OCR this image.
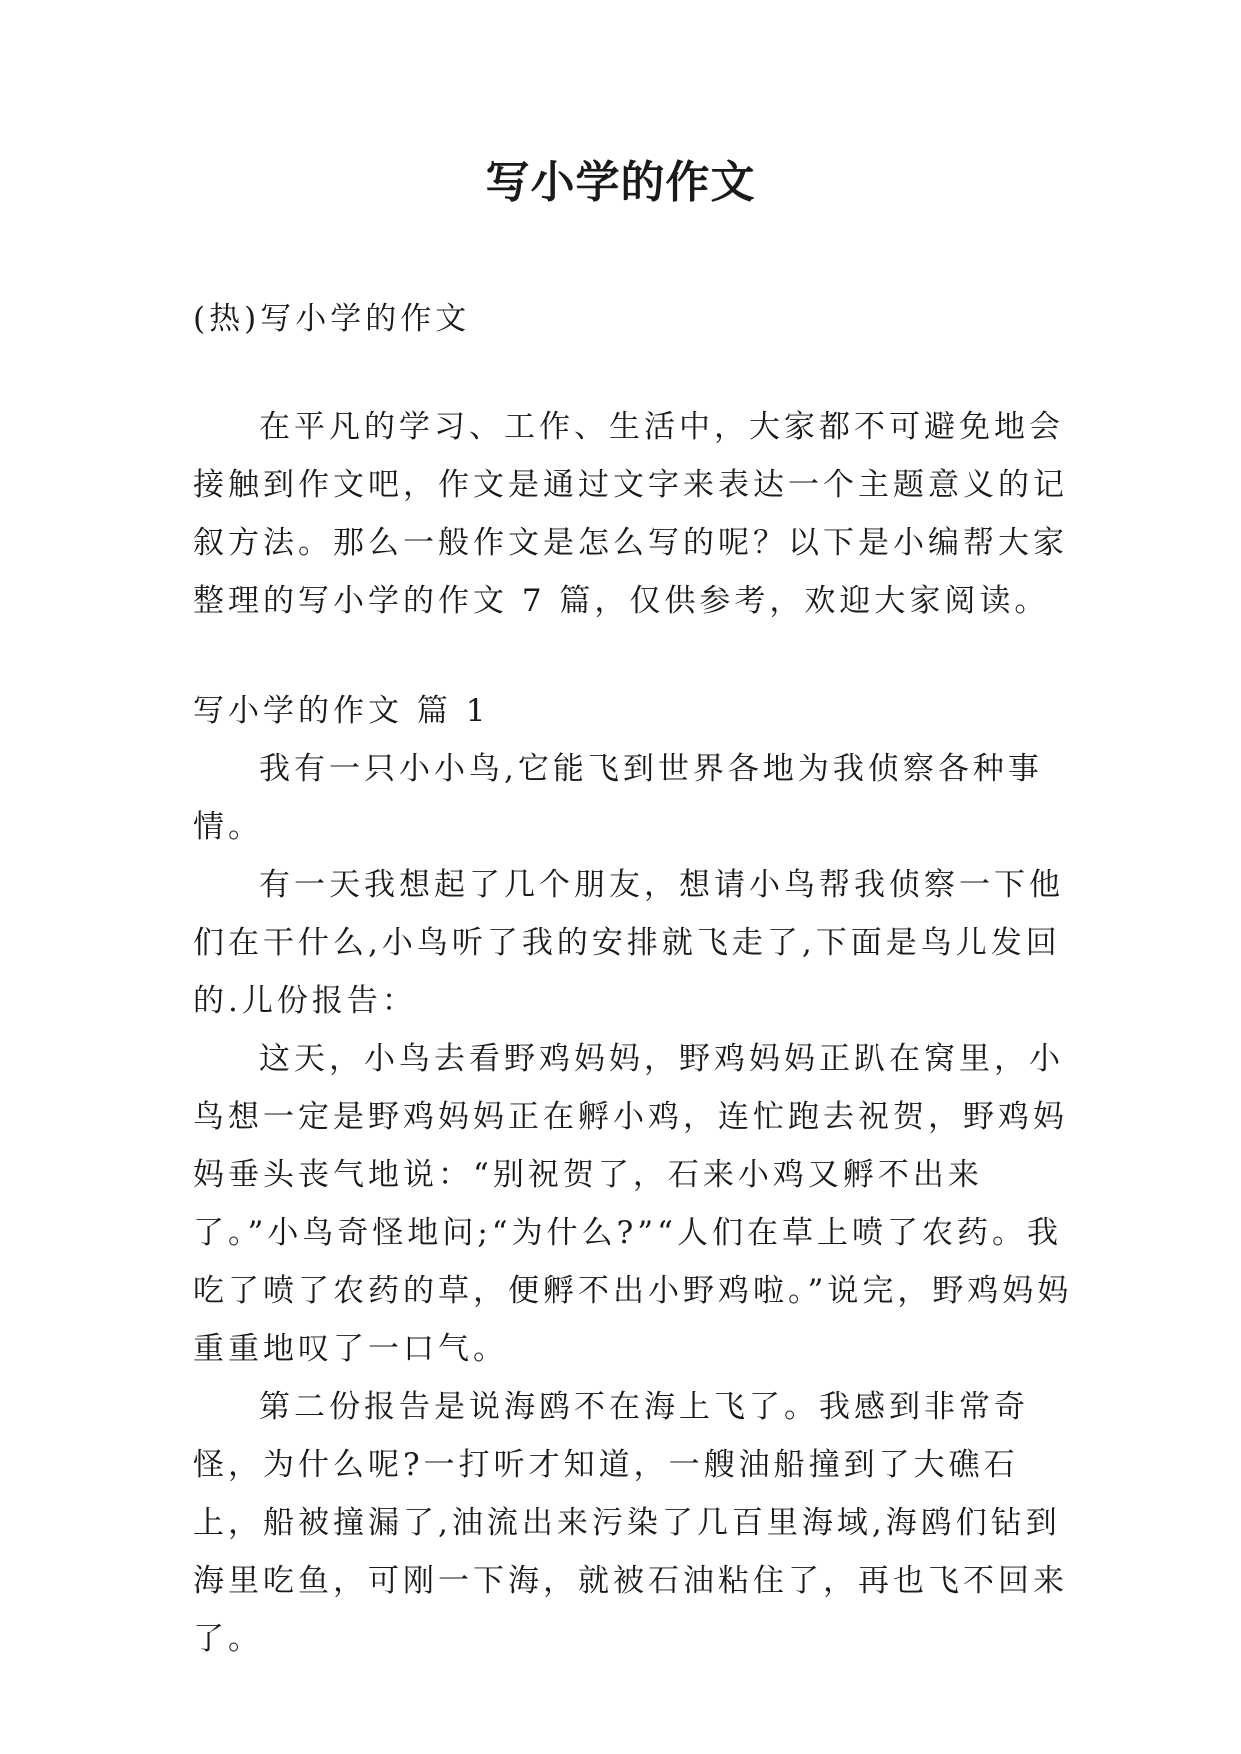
写小学的作文

(热)写小学的作文

在平凡的学习、工作、生活中，大家都不可避免地会接触到作文吧，作文是通过文字来表达一个主题意义的记叙方法。那么一般作文是怎么写的呢？以下是小编帮大家整理的写小学的作文 7 篇，仅供参考，欢迎大家阅读。

写小学的作文 篇 1

我有一只小小鸟,它能飞到世界各地为我侦察各种事情。

有一天我想起了几个朋友，想请小鸟帮我侦察一下他们在干什么,小鸟听了我的安排就飞走了,下面是鸟儿发回的.儿份报告：

这天，小鸟去看野鸡妈妈，野鸡妈妈正趴在窝里，小鸟想一定是野鸡妈妈正在孵小鸡，连忙跑去祝贺，野鸡妈妈垂头丧气地说：“别祝贺了，石来小鸡又孵不出来了。”小鸟奇怪地问;“为什么?”“人们在草上喷了农药。我吃了喷了农药的草，便孵不出小野鸡啦。”说完，野鸡妈妈重重地叹了一口气。

第二份报告是说海鸥不在海上飞了。我感到非常奇怪，为什么呢?一打听才知道，一艘油船撞到了大礁石上，船被撞漏了,油流出来污染了几百里海域,海鸥们钻到海里吃鱼，可刚一下海，就被石油粘住了，再也飞不回来了。
